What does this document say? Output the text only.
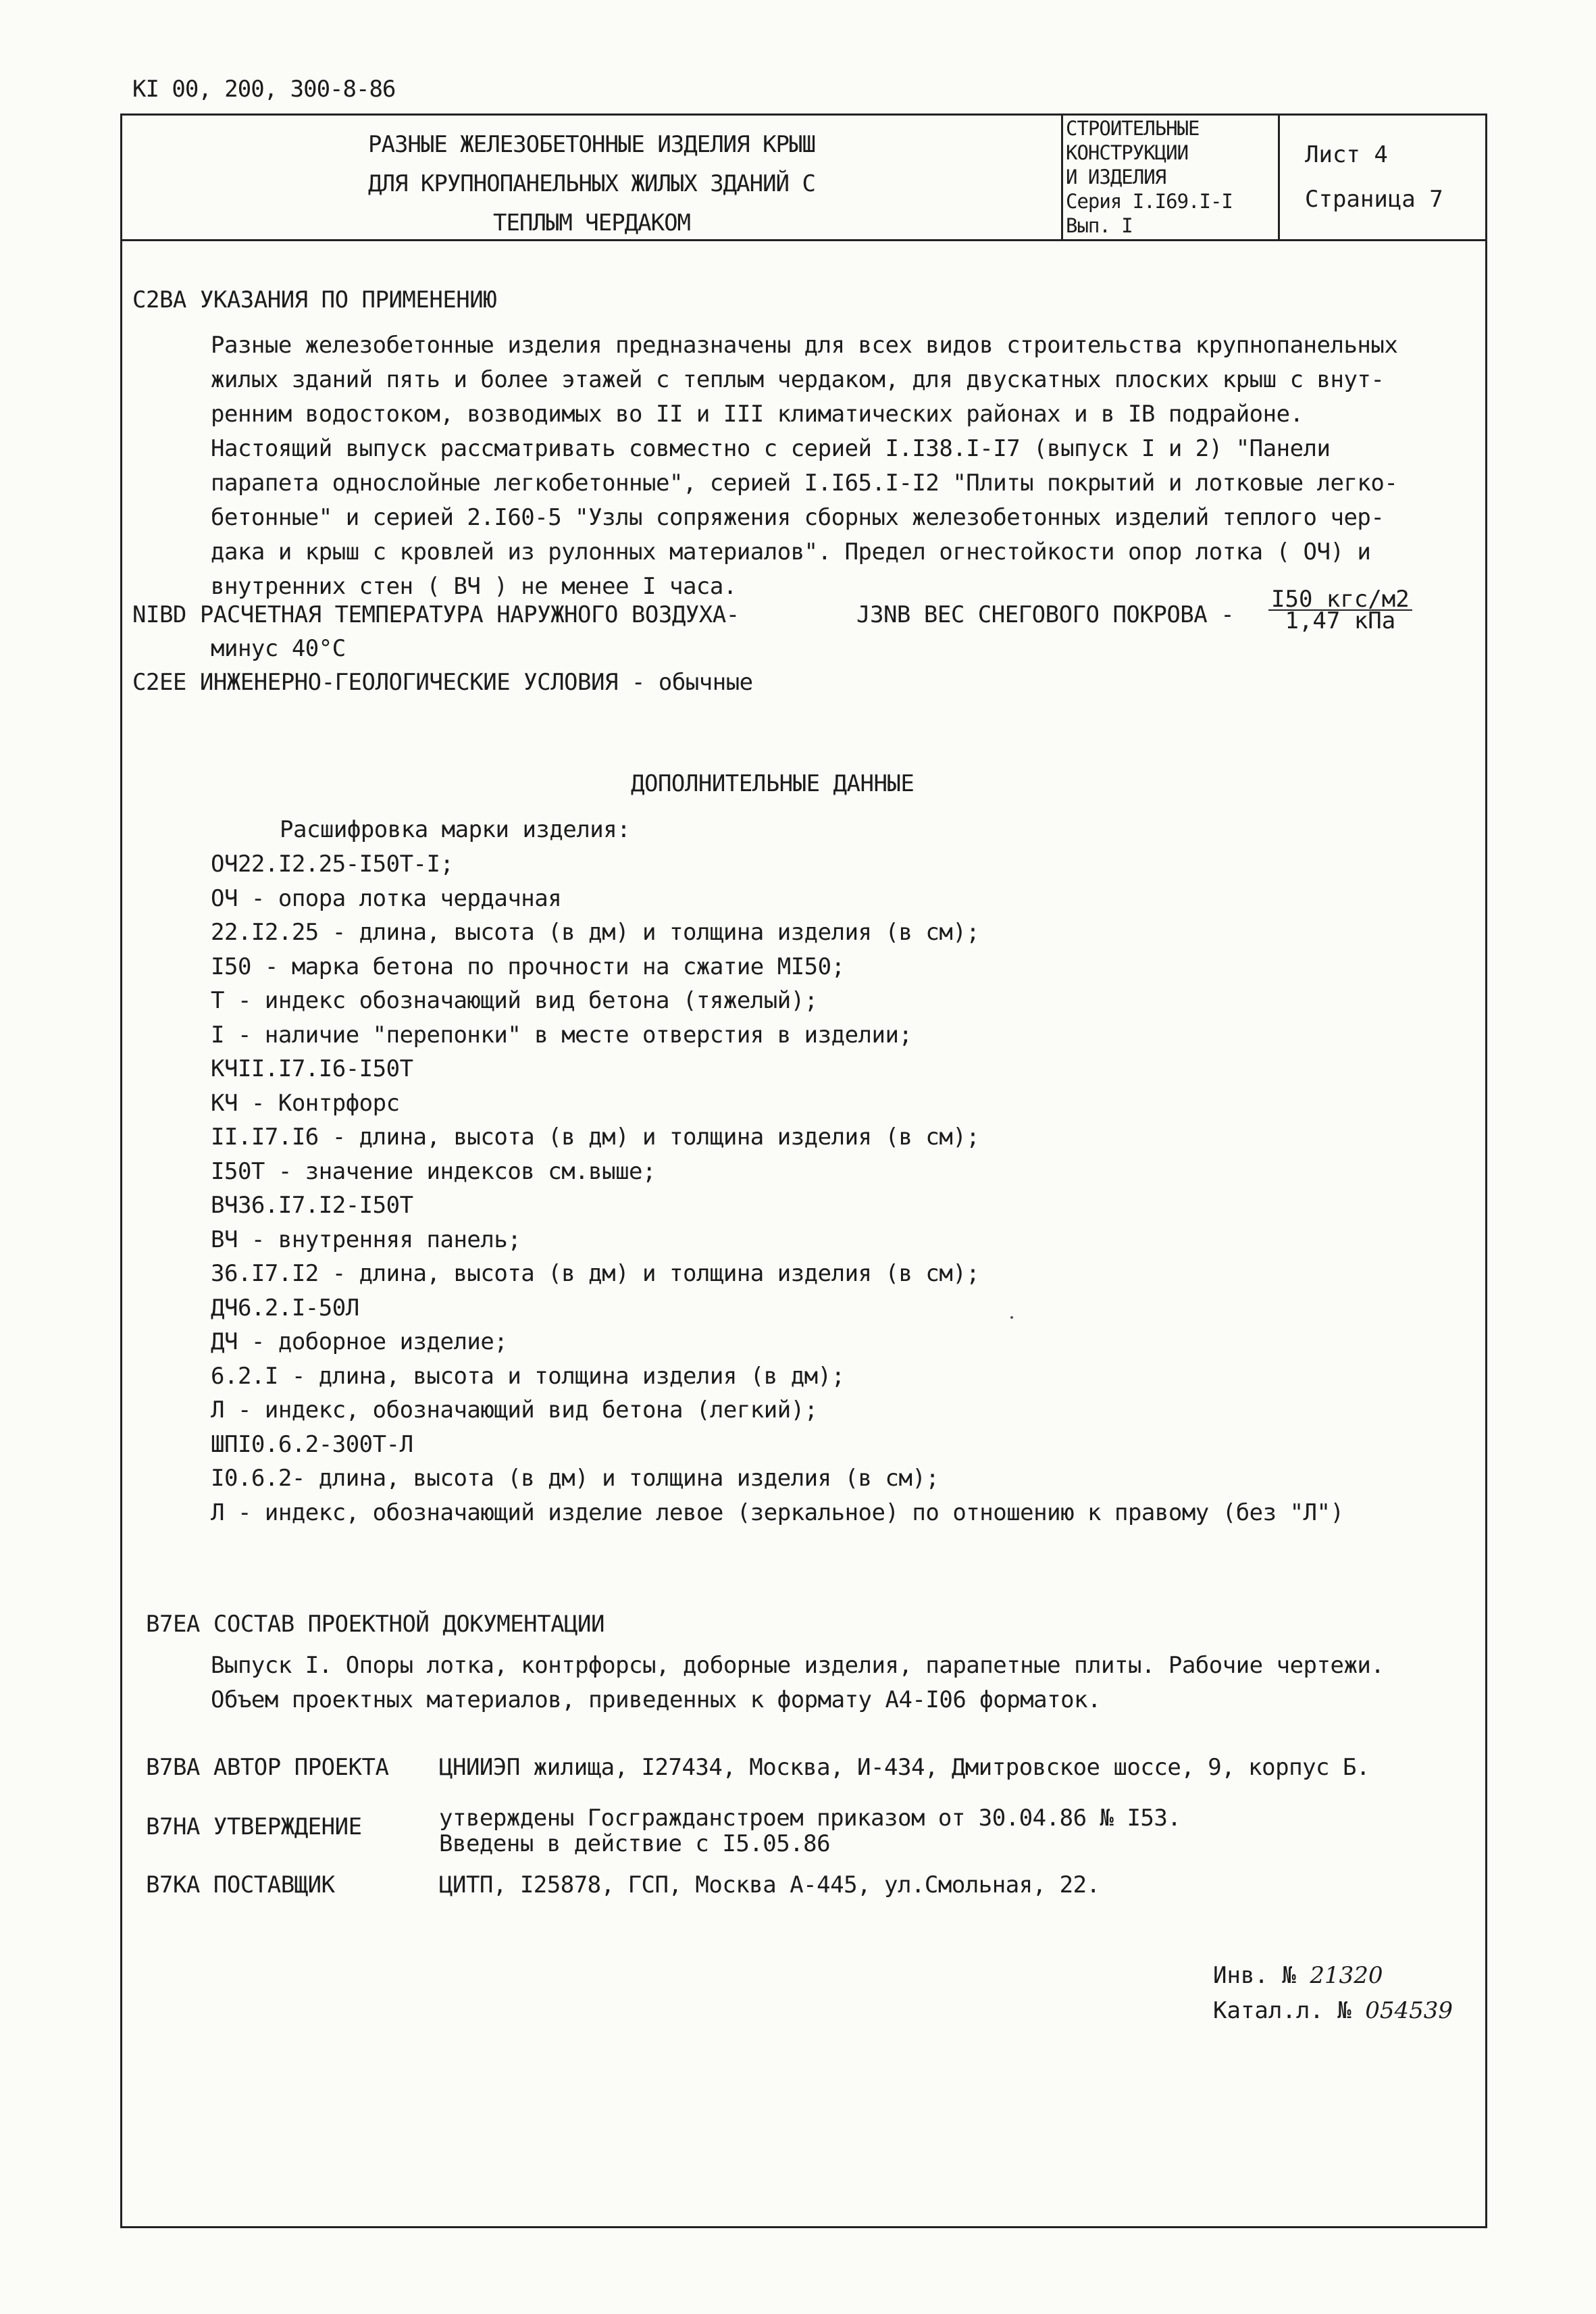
КI 00, 200, 300-8-86
РАЗНЫЕ ЖЕЛЕЗОБЕТОННЫЕ ИЗДЕЛИЯ КРЫШ
ДЛЯ КРУПНОПАНЕЛЬНЫХ ЖИЛЫХ ЗДАНИЙ С
ТЕПЛЫМ ЧЕРДАКОМ
СТРОИТЕЛЬНЫЕ
КОНСТРУКЦИИ
И ИЗДЕЛИЯ
Серия I.I69.I-I
Вып. I
Лист 4
Страница 7
C2BA УКАЗАНИЯ ПО ПРИМЕНЕНИЮ
Разные железобетонные изделия предназначены для всех видов строительства крупнопанельных
жилых зданий пять и более этажей с теплым чердаком, для двускатных плоских крыш с внут-
ренним водостоком, возводимых во II и III климатических районах и в IВ подрайоне.
Настоящий выпуск рассматривать совместно с серией I.I38.I-I7 (выпуск I и 2) "Панели
парапета однослойные легкобетонные", серией I.I65.I-I2 "Плиты покрытий и лотковые легко-
бетонные" и серией 2.I60-5 "Узлы сопряжения сборных железобетонных изделий теплого чер-
дака и крыш с кровлей из рулонных материалов". Предел огнестойкости опор лотка ( ОЧ) и
внутренних стен ( ВЧ ) не менее I часа.
NIBD РАСЧЕТНАЯ ТЕМПЕРАТУРА НАРУЖНОГО ВОЗДУХА-
минус 40°С
J3NB ВЕС СНЕГОВОГО ПОКРОВА -
I50 кгс/м2
1,47 кПа
C2EE ИНЖЕНЕРНО-ГЕОЛОГИЧЕСКИЕ УСЛОВИЯ - обычные
ДОПОЛНИТЕЛЬНЫЕ ДАННЫЕ
Расшифровка марки изделия:
ОЧ22.I2.25-I50Т-I;
ОЧ - опора лотка чердачная
22.I2.25 - длина, высота (в дм) и толщина изделия (в см);
I50 - марка бетона по прочности на сжатие МI50;
Т - индекс обозначающий вид бетона (тяжелый);
I - наличие "перепонки" в месте отверстия в изделии;
КЧII.I7.I6-I50Т
КЧ - Контрфорс
II.I7.I6 - длина, высота (в дм) и толщина изделия (в см);
I50Т - значение индексов см.выше;
ВЧ36.I7.I2-I50Т
ВЧ - внутренняя панель;
36.I7.I2 - длина, высота (в дм) и толщина изделия (в см);
ДЧ6.2.I-50Л
ДЧ - доборное изделие;
6.2.I - длина, высота и толщина изделия (в дм);
Л - индекс, обозначающий вид бетона (легкий);
ШПI0.6.2-300Т-Л
I0.6.2- длина, высота (в дм) и толщина изделия (в см);
Л - индекс, обозначающий изделие левое (зеркальное) по отношению к правому (без "Л")
B7EA СОСТАВ ПРОЕКТНОЙ ДОКУМЕНТАЦИИ
Выпуск I. Опоры лотка, контрфорсы, доборные изделия, парапетные плиты. Рабочие чертежи.
Объем проектных материалов, приведенных к формату А4-I06 форматок.
B7BA АВТОР ПРОЕКТА ЦНИИЭП жилища, I27434, Москва, И-434, Дмитровское шоссе, 9, корпус Б.
B7HA УТВЕРЖДЕНИЕ	утверждены Госгражданстроем приказом от 30.04.86 № I53.
Введены в действие с I5.05.86
B7KA ПОСТАВЩИК	ЦИТП, I25878, ГСП, Москва А-445, ул.Смольная, 22.
Инв. № 21320
Катал.л. № 054539
